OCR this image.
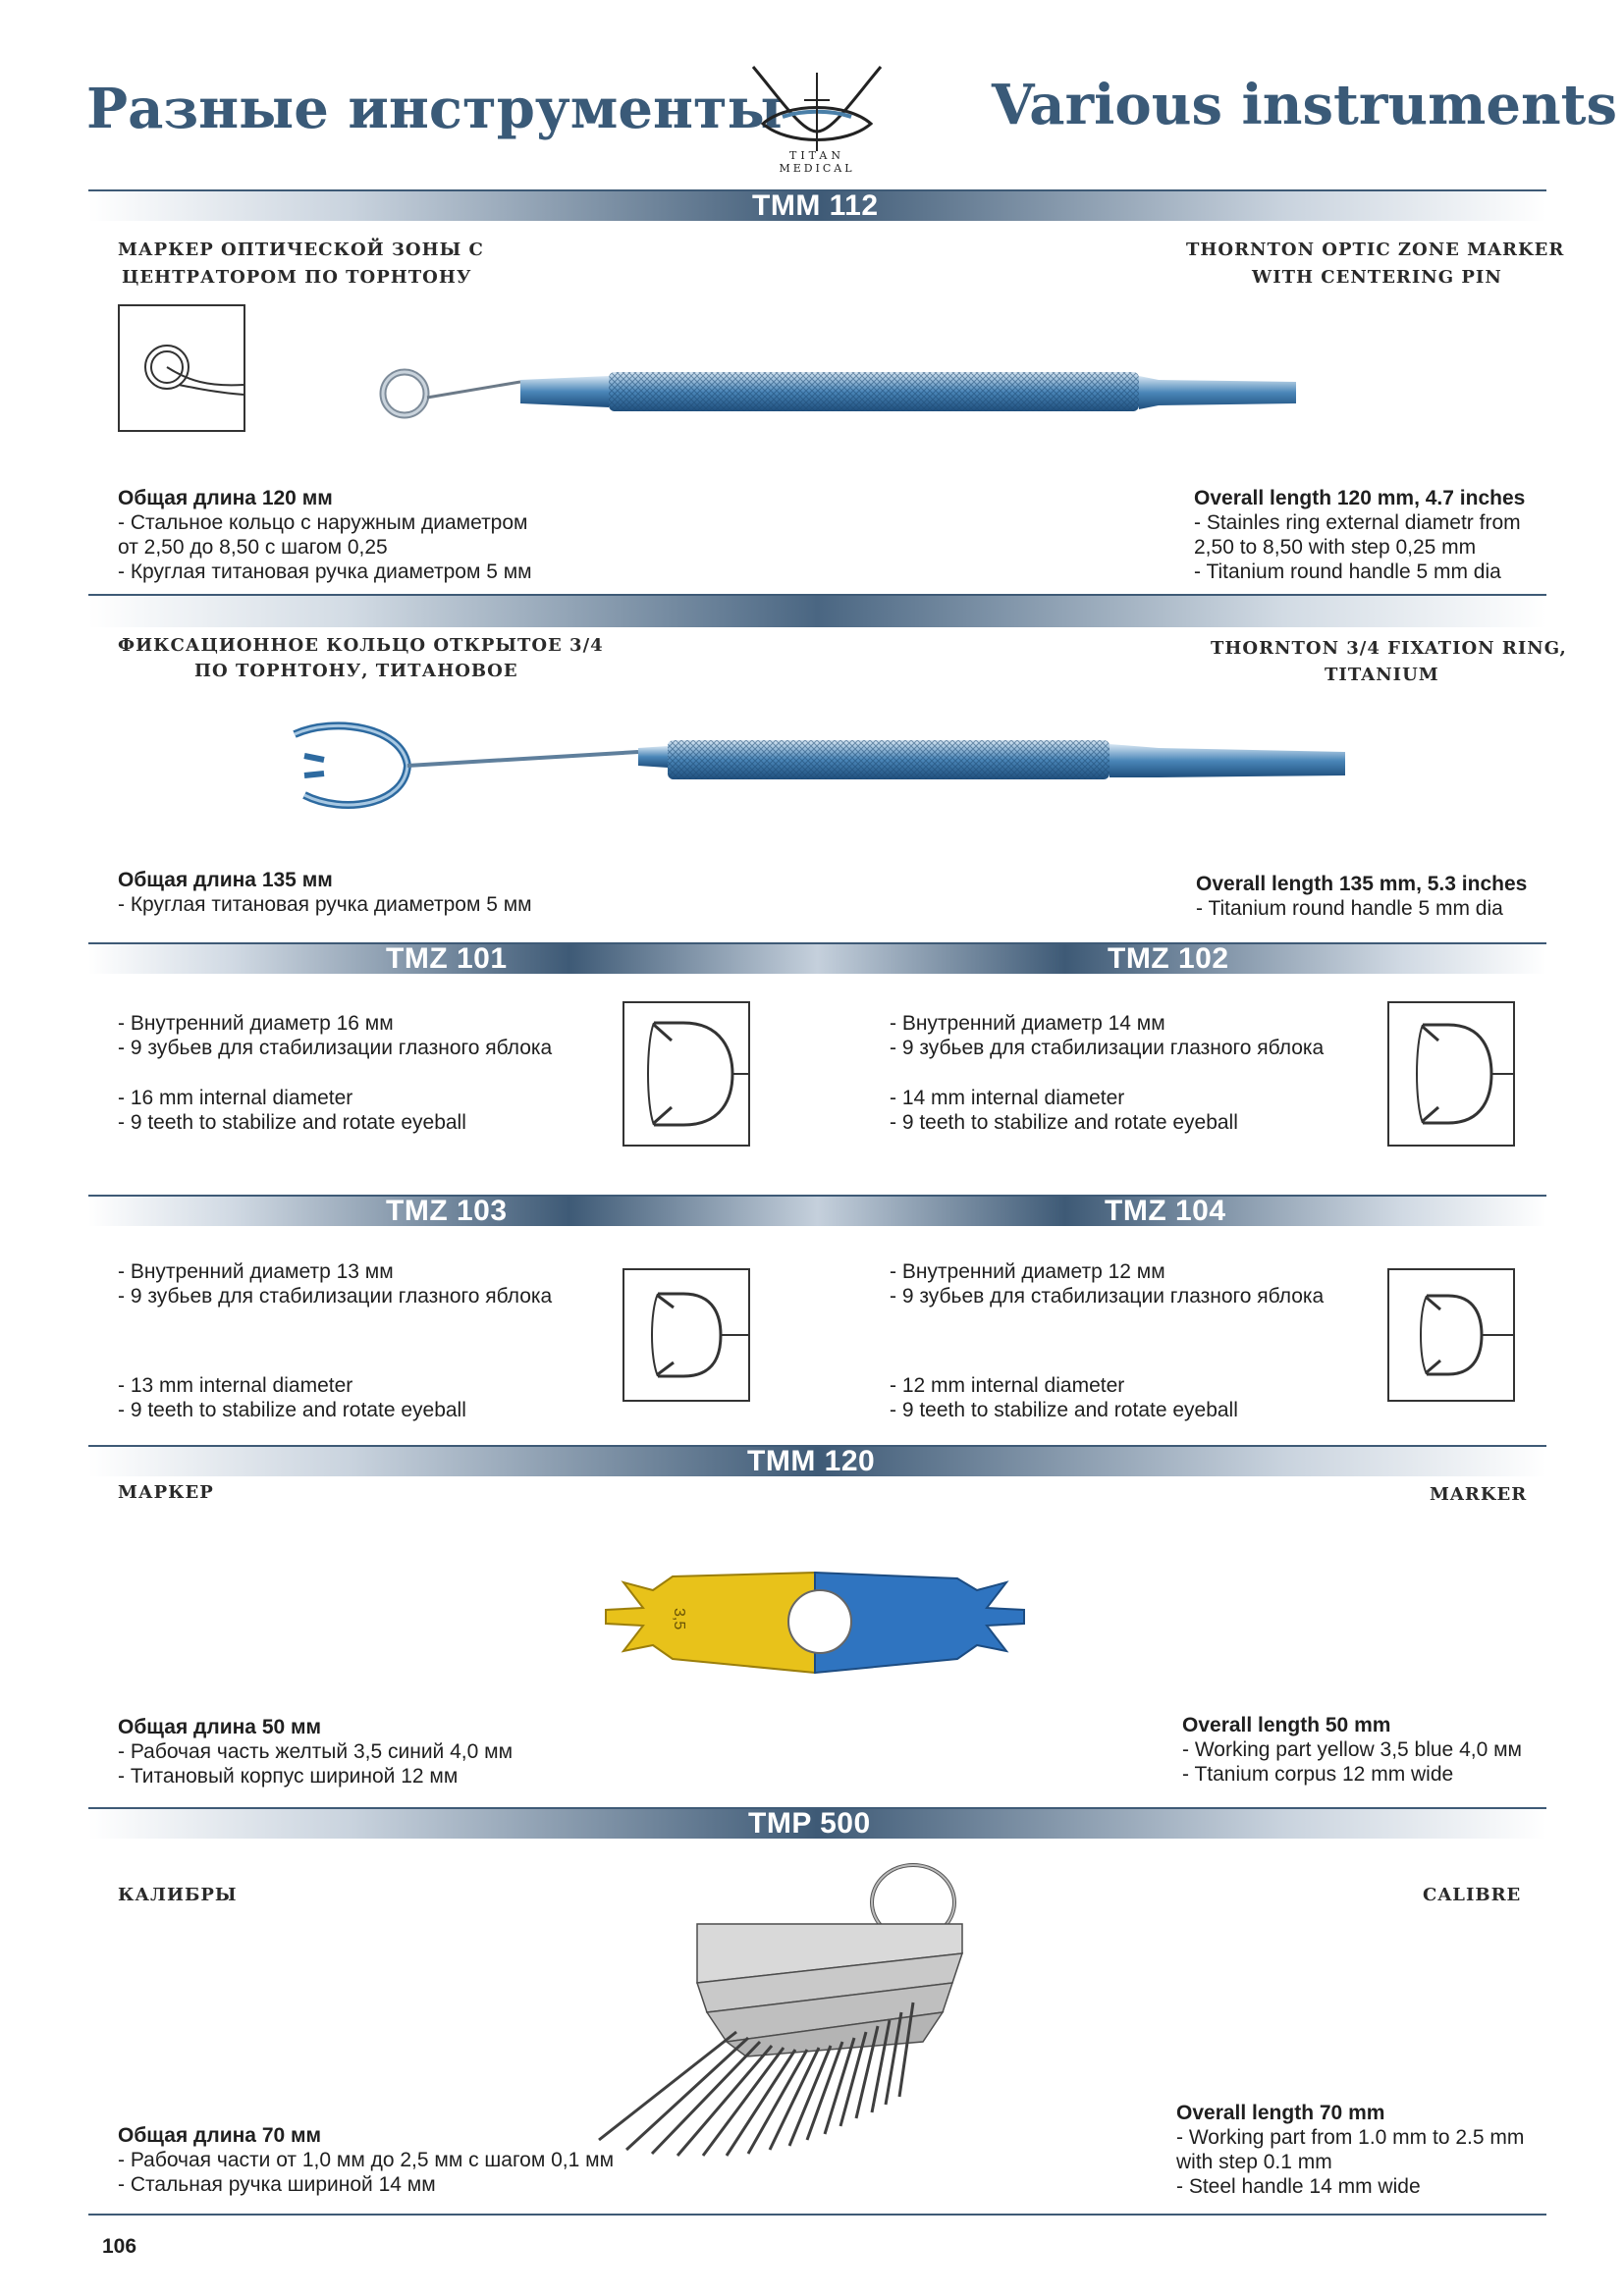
Разные инструменты	Various instruments
TITAN
MEDICAL
TMM 112
МАРКЕР ОПТИЧЕСКОЙ ЗОНЫ С
ЦЕНТРАТОРОМ ПО ТОРНТОНУ
THORNTON OPTIC ZONE MARKER
WITH CENTERING PIN
Общая длина 120 мм
- Стальное кольцо с наружным диаметром
от 2,50 до 8,50 с шагом 0,25
- Круглая титановая ручка диаметром 5 мм
Overall length 120 mm, 4.7 inches
- Stainles ring external diametr from
2,50 to 8,50 with step 0,25 mm
- Titanium round handle 5 mm dia
ФИКСАЦИОННОЕ КОЛЬЦО ОТКРЫТОЕ 3/4
ПО ТОРНТОНУ, ТИТАНОВОЕ
THORNTON 3/4 FIXATION RING,
TITANIUM
Общая длина 135 мм
- Круглая титановая ручка диаметром 5 мм
Overall length 135 mm, 5.3 inches
- Titanium round handle 5 mm dia
TMZ 101	TMZ 102
- Внутренний диаметр 16 мм
- 9 зубьев для стабилизации глазного яблока
- 16 mm internal diameter
- 9 teeth to stabilize and rotate eyeball
- Внутренний диаметр 14 мм
- 9 зубьев для стабилизации глазного яблока
- 14 mm internal diameter
- 9 teeth to stabilize and rotate eyeball
TMZ 103	TMZ 104
- Внутренний диаметр 13 мм
- 9 зубьев для стабилизации глазного яблока
- 13 mm internal diameter
- 9 teeth to stabilize and rotate eyeball
- Внутренний диаметр 12 мм
- 9 зубьев для стабилизации глазного яблока
- 12 mm internal diameter
- 9 teeth to stabilize and rotate eyeball
TMM 120
МАРКЕР	MARKER
3,5
Общая длина 50 мм
- Рабочая часть желтый 3,5 синий 4,0 мм
- Титановый корпус шириной 12 мм
Overall length 50 mm
- Working part yellow 3,5 blue 4,0 мм
- Ttanium corpus 12 mm wide
TMP 500
КАЛИБРЫ	CALIBRE
Общая длина 70 мм
- Рабочая части от 1,0 мм до 2,5 мм с шагом 0,1 мм
- Стальная ручка шириной 14 мм
Overall length 70 mm
- Working part from 1.0 mm to 2.5 mm
with step 0.1 mm
- Steel handle 14 mm wide
106
